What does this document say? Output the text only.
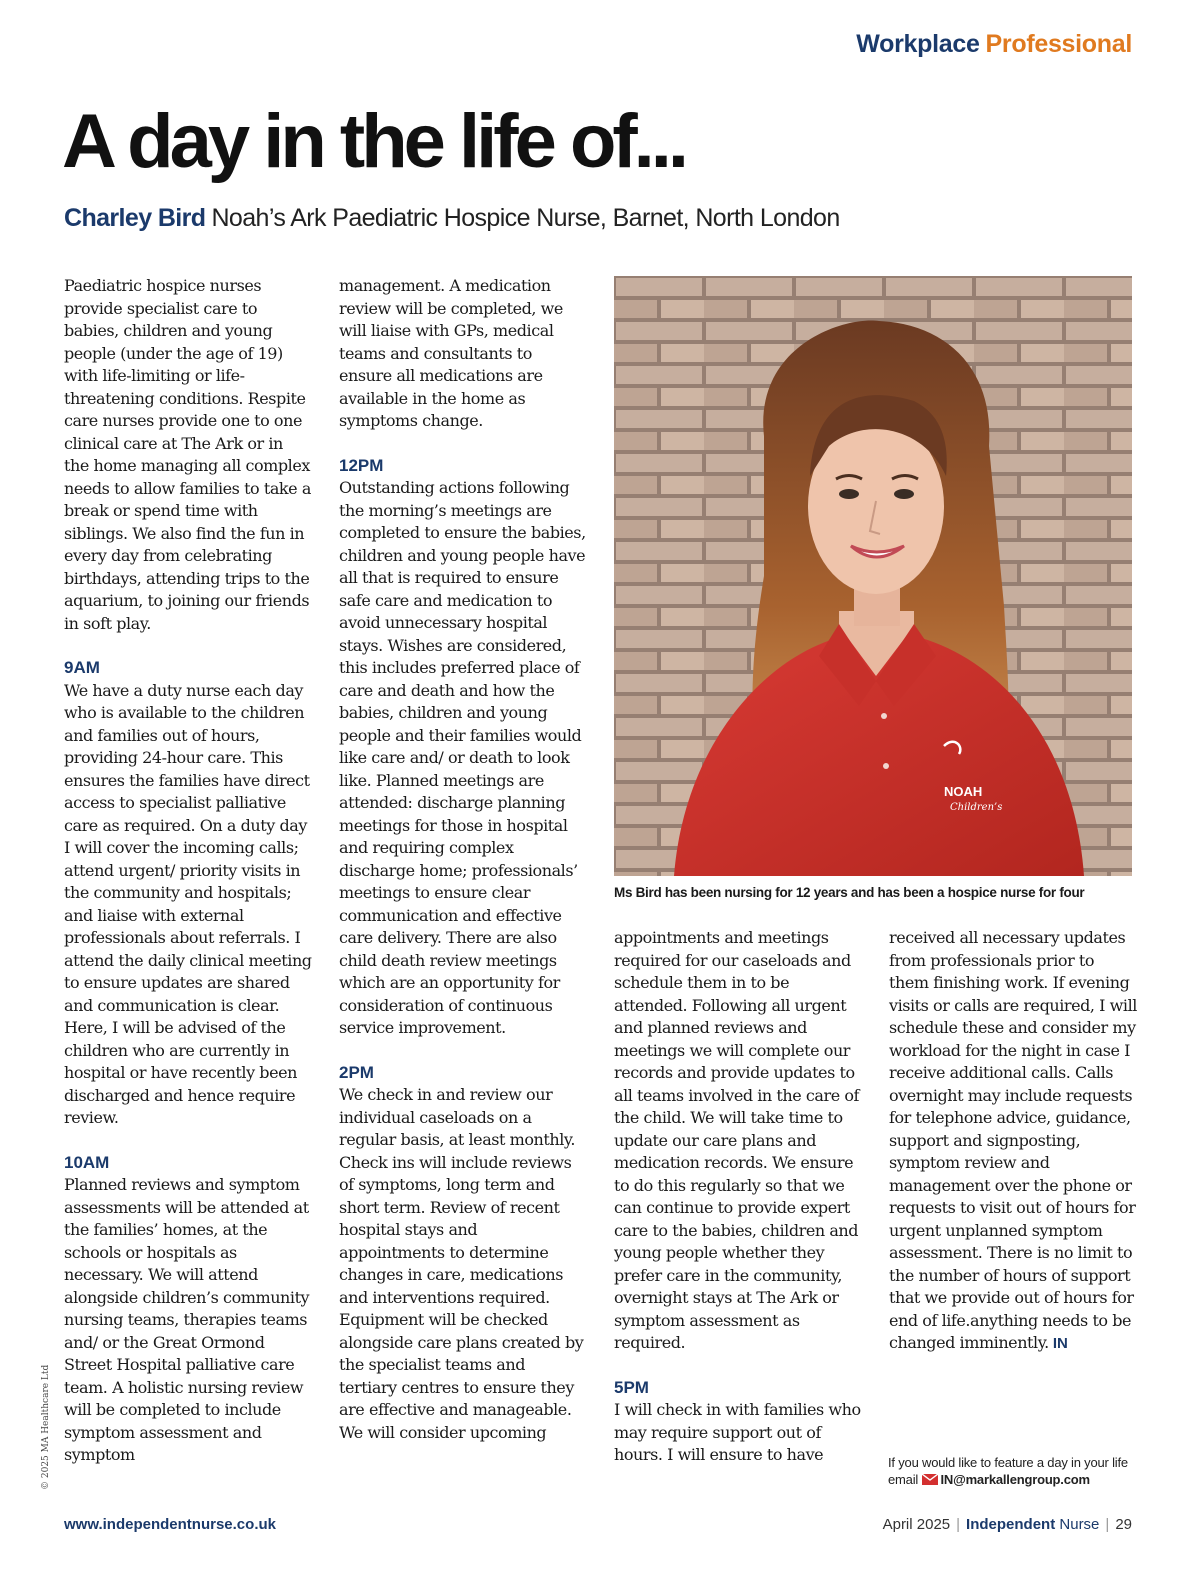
Workplace Professional
A day in the life of...
Charley Bird Noah’s Ark Paediatric Hospice Nurse, Barnet, North London

Paediatric hospice nurses provide specialist care to babies, children and young people (under the age of 19) with life-limiting or life-threatening conditions. Respite care nurses provide one to one clinical care at The Ark or in the home managing all complex needs to allow families to take a break or spend time with siblings. We also find the fun in every day from celebrating birthdays, attending trips to the aquarium, to joining our friends in soft play.

9AM

We have a duty nurse each day who is available to the children and families out of hours, providing 24-hour care. This ensures the families have direct access to specialist palliative care as required. On a duty day I will cover the incoming calls; attend urgent/ priority visits in the community and hospitals; and liaise with external professionals about referrals. I attend the daily clinical meeting to ensure updates are shared and communication is clear. Here, I will be advised of the children who are currently in hospital or have recently been discharged and hence require review.

10AM

Planned reviews and symptom assessments will be attended at the families’ homes, at the schools or hospitals as necessary. We will attend alongside children’s community nursing teams, therapies teams and/ or the Great Ormond Street Hospital palliative care team. A holistic nursing review will be completed to include symptom assessment and symptom

management. A medication review will be completed, we will liaise with GPs, medical teams and consultants to ensure all medications are available in the home as symptoms change.

12PM

Outstanding actions following the morning’s meetings are completed to ensure the babies, children and young people have all that is required to ensure safe care and medication to avoid unnecessary hospital stays. Wishes are considered, this includes preferred place of care and death and how the babies, children and young people and their families would like care and/ or death to look like. Planned meetings are attended: discharge planning meetings for those in hospital and requiring complex discharge home; professionals’ meetings to ensure clear communication and effective care delivery. There are also child death review meetings which are an opportunity for consideration of continuous service improvement.

2PM

We check in and review our individual caseloads on a regular basis, at least monthly. Check ins will include reviews of symptoms, long term and short term. Review of recent hospital stays and appointments to determine changes in care, medications and interventions required. Equipment will be checked alongside care plans created by the specialist teams and tertiary centres to ensure they are effective and manageable. We will consider upcoming

NOAH
Children’s
Ms Bird has been nursing for 12 years and has been a hospice nurse for four

appointments and meetings required for our caseloads and schedule them in to be attended. Following all urgent and planned reviews and meetings we will complete our records and provide updates to all teams involved in the care of the child. We will take time to update our care plans and medication records. We ensure to do this regularly so that we can continue to provide expert care to the babies, children and young people whether they prefer care in the community, overnight stays at The Ark or symptom assessment as required.

5PM

I will check in with families who may require support out of hours. I will ensure to have

received all necessary updates from professionals prior to them finishing work. If evening visits or calls are required, I will schedule these and consider my workload for the night in case I receive additional calls. Calls overnight may include requests for telephone advice, guidance, support and signposting, symptom review and management over the phone or requests to visit out of hours for urgent unplanned symptom assessment. There is no limit to the number of hours of support that we provide out of hours for end of life.anything needs to be changed imminently. IN

If you would like to feature a day in your life
email IN@markallengroup.com
© 2025 MA Healthcare Ltd
www.independentnurse.co.uk	April 2025 | Independent Nurse | 29
